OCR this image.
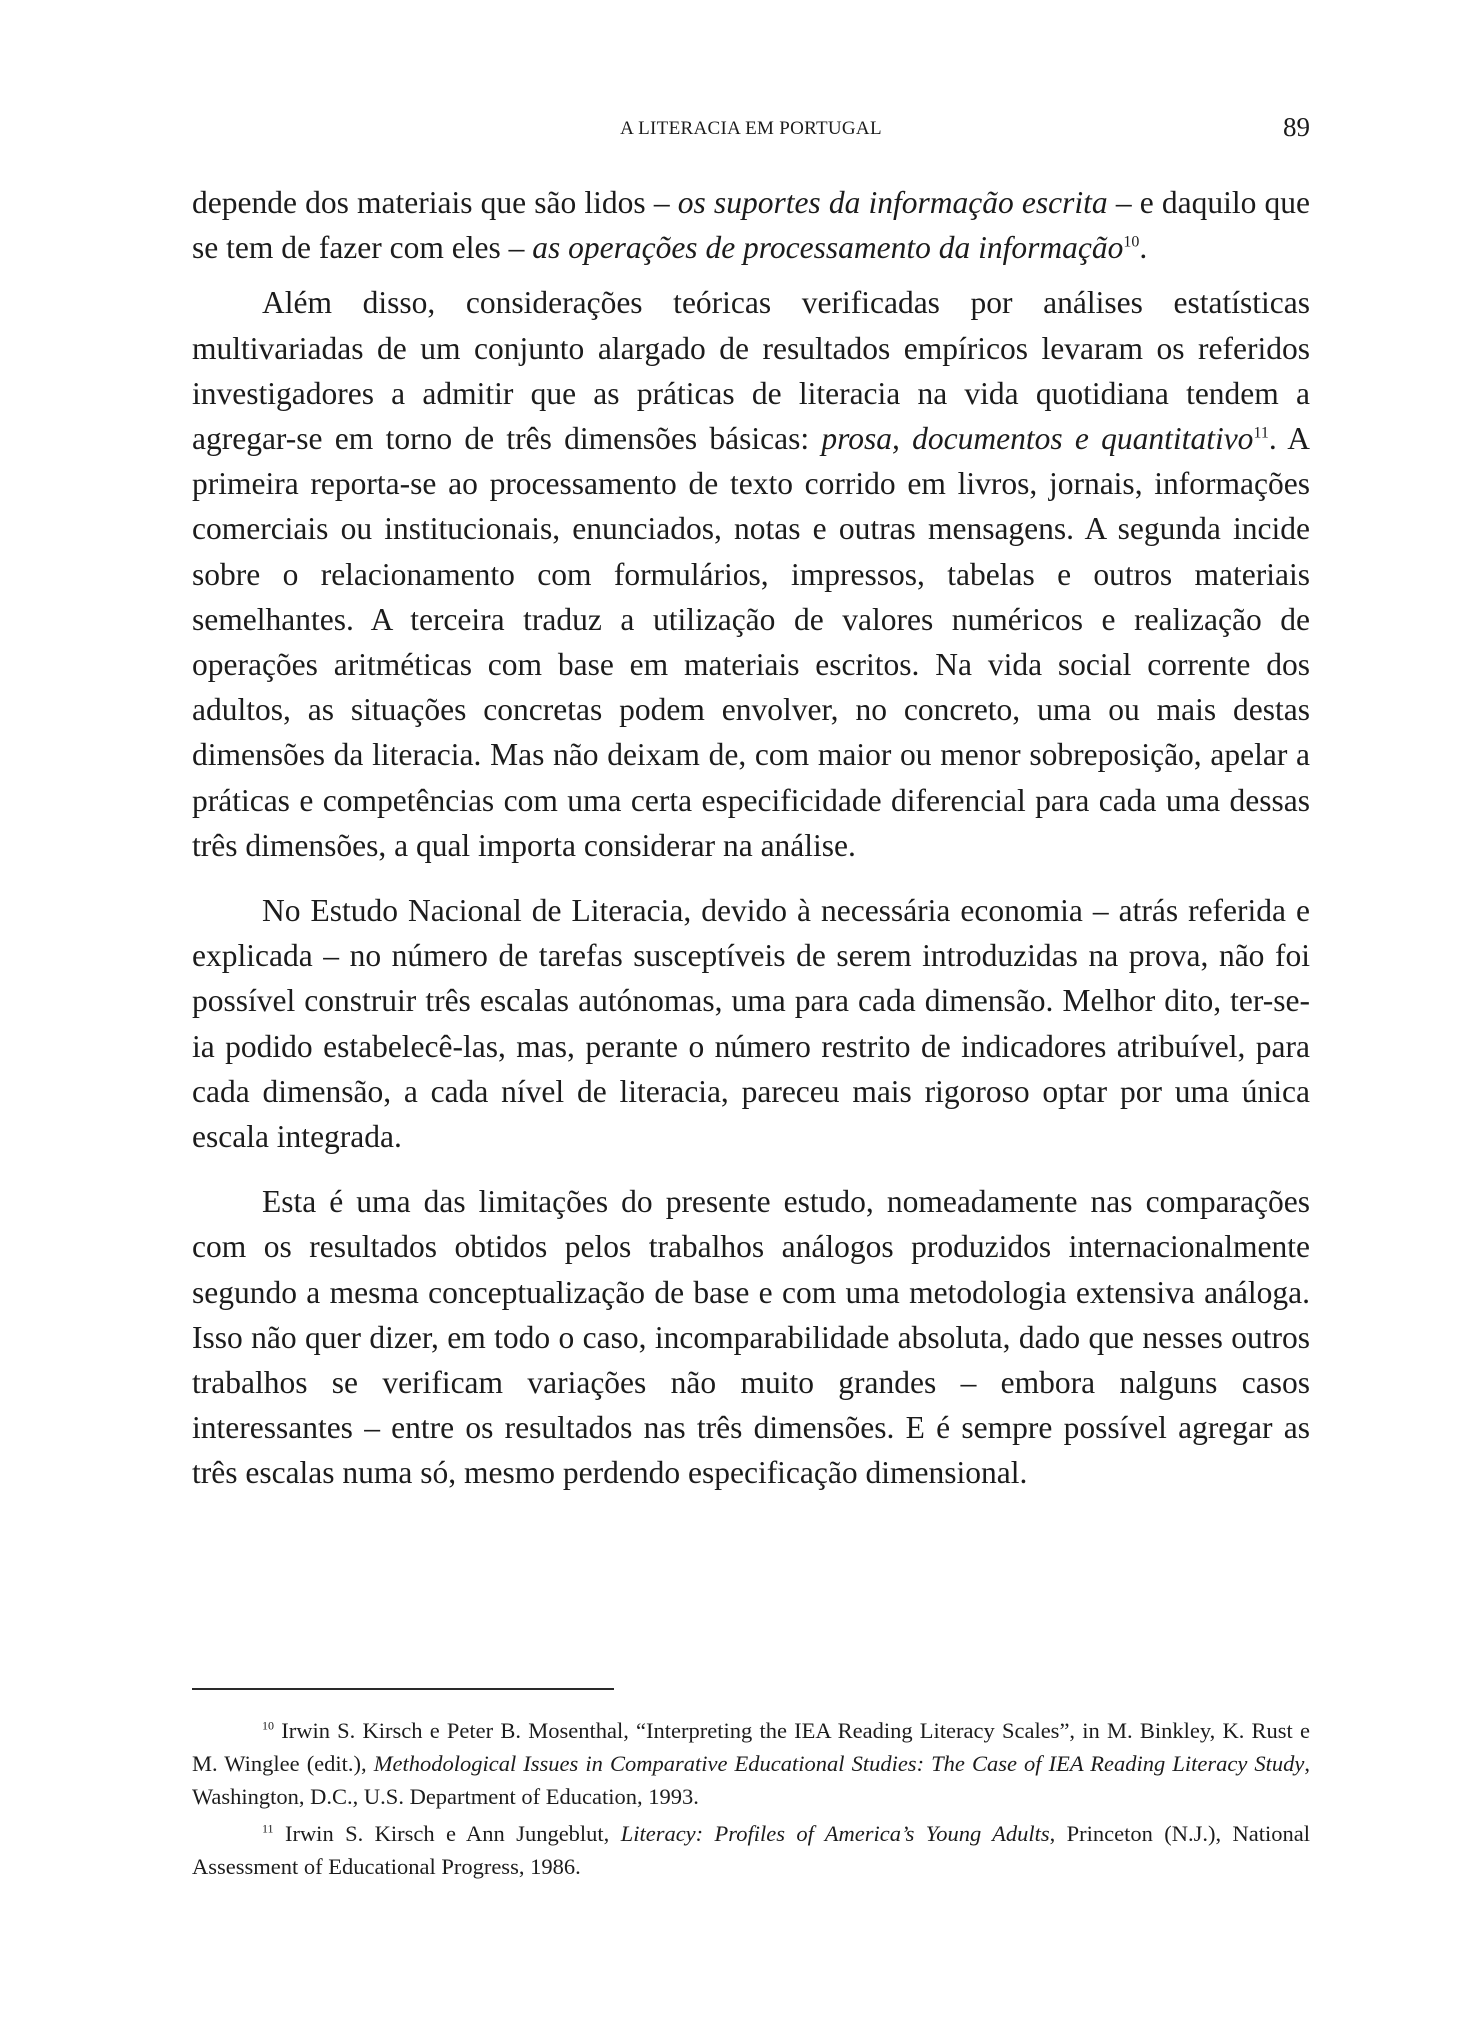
A LITERACIA EM PORTUGAL	89

depende dos materiais que são lidos – os suportes da informação escrita – e daquilo que se tem de fazer com eles – as operações de processamento da informação$^{10}$.

Além disso, considerações teóricas verificadas por análises estatísticas multivariadas de um conjunto alargado de resultados empíricos levaram os referidos investigadores a admitir que as práticas de literacia na vida quotidiana tendem a agregar-se em torno de três dimensões básicas: prosa, documentos e quantitativo$^{11}$. A primeira reporta-se ao processamento de texto corrido em livros, jornais, informações comerciais ou institucionais, enunciados, notas e outras mensagens. A segunda incide sobre o relacionamento com formulários, impressos, tabelas e outros materiais semelhantes. A terceira traduz a utilização de valores numéricos e realização de operações aritméticas com base em materiais escritos. Na vida social corrente dos adultos, as situações concretas podem envolver, no concreto, uma ou mais destas dimensões da literacia. Mas não deixam de, com maior ou menor sobreposição, apelar a práticas e competências com uma certa especificidade diferencial para cada uma dessas três dimensões, a qual importa considerar na análise.

No Estudo Nacional de Literacia, devido à necessária economia – atrás referida e explicada – no número de tarefas susceptíveis de serem introduzidas na prova, não foi possível construir três escalas autónomas, uma para cada dimensão. Melhor dito, ter-se-ia podido estabelecê-las, mas, perante o número restrito de indicadores atribuível, para cada dimensão, a cada nível de literacia, pareceu mais rigoroso optar por uma única escala integrada.

Esta é uma das limitações do presente estudo, nomeadamente nas comparações com os resultados obtidos pelos trabalhos análogos produzidos internacionalmente segundo a mesma conceptualização de base e com uma metodologia extensiva análoga. Isso não quer dizer, em todo o caso, incomparabilidade absoluta, dado que nesses outros trabalhos se verificam variações não muito grandes – embora nalguns casos interessantes – entre os resultados nas três dimensões. E é sempre possível agregar as três escalas numa só, mesmo perdendo especificação dimensional.

$^{10}$ Irwin S. Kirsch e Peter B. Mosenthal, “Interpreting the IEA Reading Literacy Scales”, in M. Binkley, K. Rust e M. Winglee (edit.), Methodological Issues in Comparative Educational Studies: The Case of IEA Reading Literacy Study, Washington, D.C., U.S. Department of Education, 1993.

$^{11}$ Irwin S. Kirsch e Ann Jungeblut, Literacy: Profiles of America’s Young Adults, Princeton (N.J.), National Assessment of Educational Progress, 1986.
